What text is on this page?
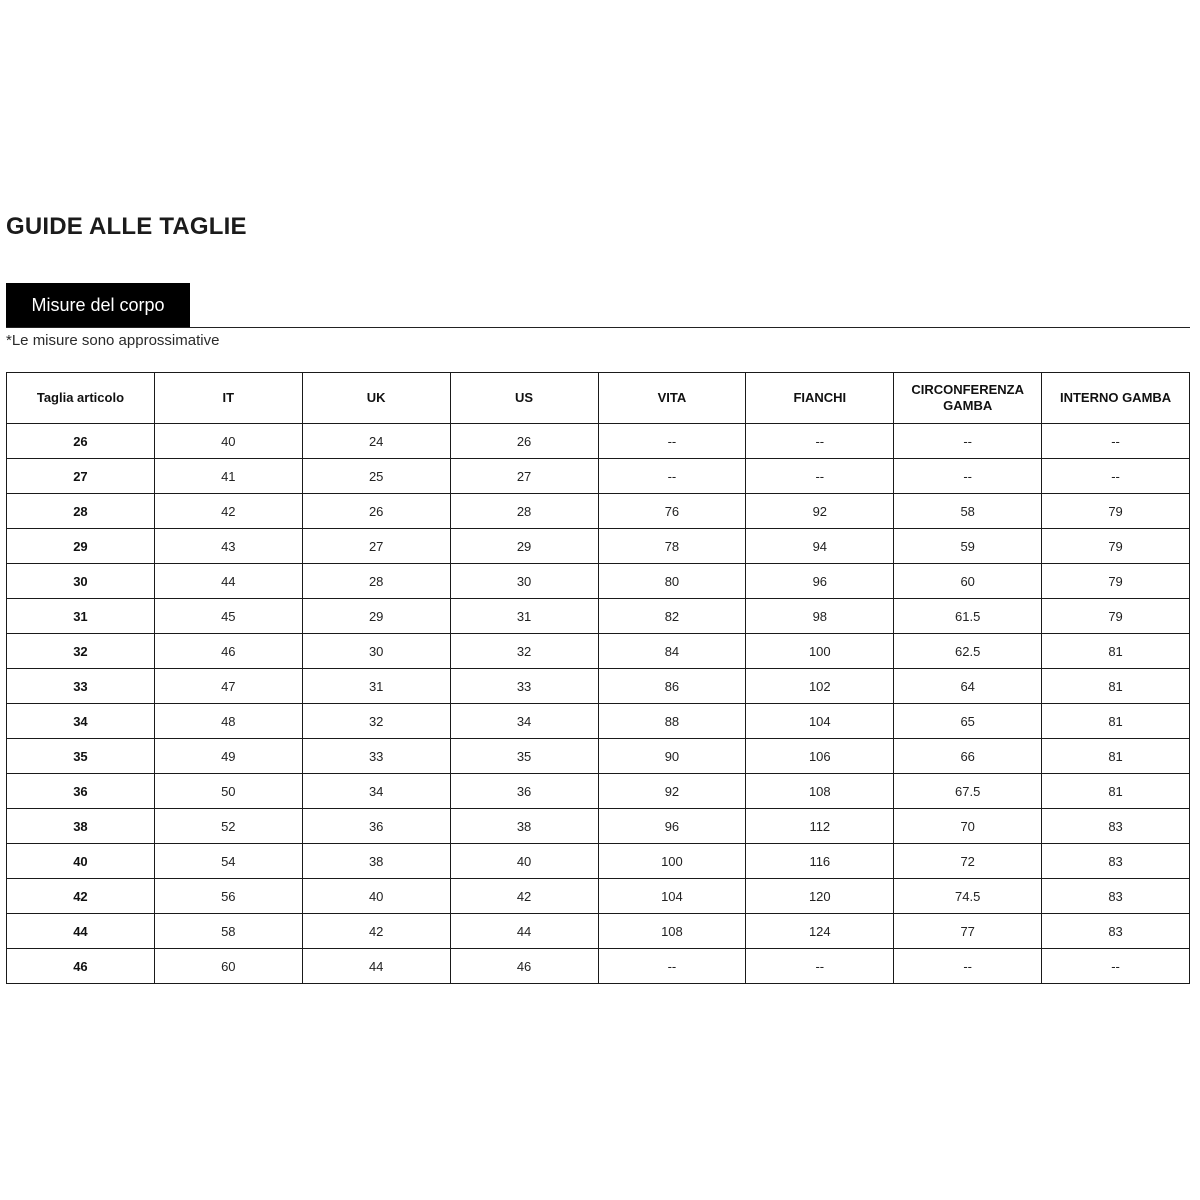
GUIDE ALLE TAGLIE
Misure del corpo
*Le misure sono approssimative
Taglia articolo	IT	UK	US	VITA	FIANCHI	CIRCONFERENZA GAMBA	INTERNO GAMBA

26	40	24	26	--	--	--	--
27	41	25	27	--	--	--	--
28	42	26	28	76	92	58	79
29	43	27	29	78	94	59	79
30	44	28	30	80	96	60	79
31	45	29	31	82	98	61.5	79
32	46	30	32	84	100	62.5	81
33	47	31	33	86	102	64	81
34	48	32	34	88	104	65	81
35	49	33	35	90	106	66	81
36	50	34	36	92	108	67.5	81
38	52	36	38	96	112	70	83
40	54	38	40	100	116	72	83
42	56	40	42	104	120	74.5	83
44	58	42	44	108	124	77	83
46	60	44	46	--	--	--	--
